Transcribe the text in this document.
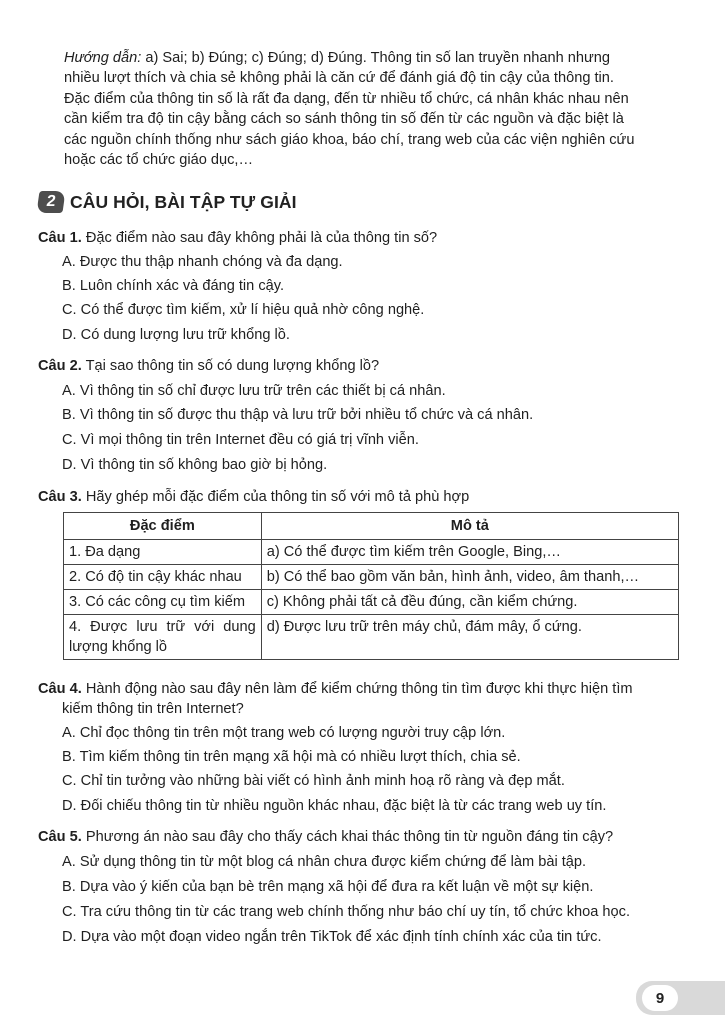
Hướng dẫn: a) Sai; b) Đúng; c) Đúng; d) Đúng. Thông tin số lan truyền nhanh nhưng
nhiều lượt thích và chia sẻ không phải là căn cứ để đánh giá độ tin cậy của thông tin.
Đặc điểm của thông tin số là rất đa dạng, đến từ nhiều tổ chức, cá nhân khác nhau nên
cần kiểm tra độ tin cậy bằng cách so sánh thông tin số đến từ các nguồn và đặc biệt là
các nguồn chính thống như sách giáo khoa, báo chí, trang web của các viện nghiên cứu
hoặc các tổ chức giáo dục,…
2 CÂU HỎI, BÀI TẬP TỰ GIẢI
Câu 1. Đặc điểm nào sau đây không phải là của thông tin số?
A. Được thu thập nhanh chóng và đa dạng.
B. Luôn chính xác và đáng tin cậy.
C. Có thể được tìm kiếm, xử lí hiệu quả nhờ công nghệ.
D. Có dung lượng lưu trữ khổng lồ.
Câu 2. Tại sao thông tin số có dung lượng khổng lồ?
A. Vì thông tin số chỉ được lưu trữ trên các thiết bị cá nhân.
B. Vì thông tin số được thu thập và lưu trữ bởi nhiều tổ chức và cá nhân.
C. Vì mọi thông tin trên Internet đều có giá trị vĩnh viễn.
D. Vì thông tin số không bao giờ bị hỏng.
Câu 3. Hãy ghép mỗi đặc điểm của thông tin số với mô tả phù hợp
Đặc điểm	Mô tả
1. Đa dạng	a) Có thể được tìm kiếm trên Google, Bing,…
2. Có độ tin cậy khác nhau	b) Có thể bao gồm văn bản, hình ảnh, video, âm thanh,…
3. Có các công cụ tìm kiếm	c) Không phải tất cả đều đúng, cần kiểm chứng.
4. Được lưu trữ với dung lượng khổng lồ	d) Được lưu trữ trên máy chủ, đám mây, ổ cứng.
Câu 4. Hành động nào sau đây nên làm để kiểm chứng thông tin tìm được khi thực hiện tìm
kiếm thông tin trên Internet?
A. Chỉ đọc thông tin trên một trang web có lượng người truy cập lớn.
B. Tìm kiếm thông tin trên mạng xã hội mà có nhiều lượt thích, chia sẻ.
C. Chỉ tin tưởng vào những bài viết có hình ảnh minh hoạ rõ ràng và đẹp mắt.
D. Đối chiếu thông tin từ nhiều nguồn khác nhau, đặc biệt là từ các trang web uy tín.
Câu 5. Phương án nào sau đây cho thấy cách khai thác thông tin từ nguồn đáng tin cậy?
A. Sử dụng thông tin từ một blog cá nhân chưa được kiểm chứng để làm bài tập.
B. Dựa vào ý kiến của bạn bè trên mạng xã hội để đưa ra kết luận về một sự kiện.
C. Tra cứu thông tin từ các trang web chính thống như báo chí uy tín, tổ chức khoa học.
D. Dựa vào một đoạn video ngắn trên TikTok để xác định tính chính xác của tin tức.
9
